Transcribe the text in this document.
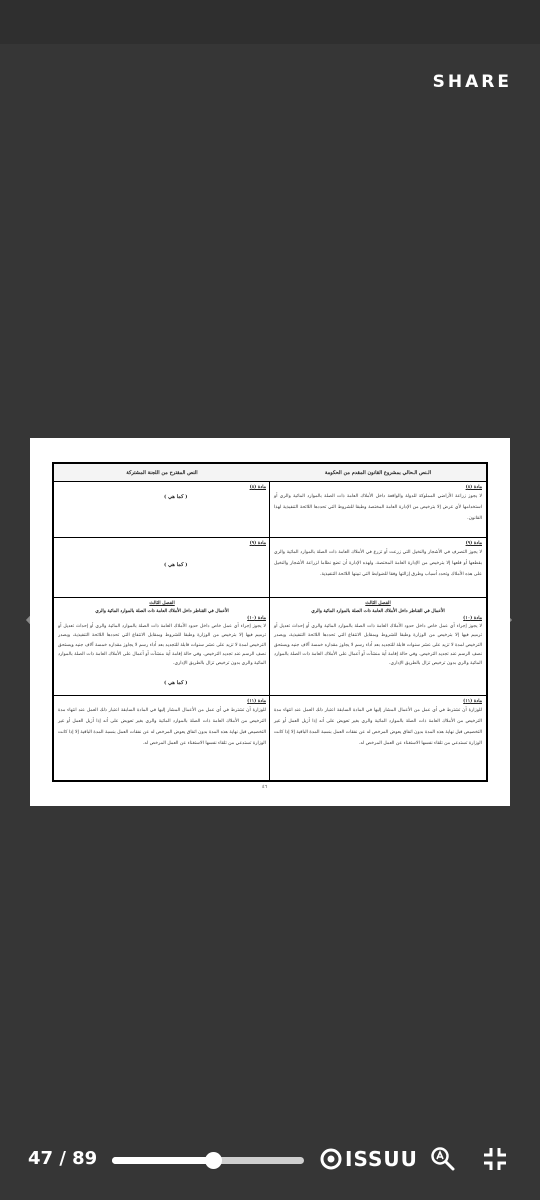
SHARE
الـنص الـحالي بمشروع القانون المقدم من الحكومة
مادة (٨)
لا يجوز زراعة الأراضي المملوكة للدولة والواقعة داخل الأملاك العامة ذات الصلة بالموارد المائية والري أو استخدامها لأي غرض إلا بترخيص من الإدارة العامة المختصة وطبقا للشروط التي تحددها اللائحة التنفيذية لهذا القانون.
مادة (٩)
لا يجوز التصرف في الأشجار والنخيل التي زرعت أو تزرع في الأملاك العامة ذات الصلة بالموارد المائية والري بقطعها أو قلعها إلا بترخيص من الإدارة العامة المختصة، ولهذه الإدارة أن تضع نظاما لزراعة الأشجار والنخيل على هذه الأملاك وتحدد أسباب وطرق إزالتها وفقا للضوابط التي تبينها اللائحة التنفيذية.
الفصل الثالث
الأعمال في القناطر داخل الأملاك العامة ذات الصلة بالموارد المائية والري
مادة (١٠)
لا يجوز إجراء أي عمل خاص داخل حدود الأملاك العامة ذات الصلة بالموارد المائية والري أو إحداث تعديل أو ترميم فيها إلا بترخيص من الوزارة وطبقا للشروط وبمقابل الانتفاع التي تحددها اللائحة التنفيذية، ويصدر الترخيص لمدة لا تزيد على عشر سنوات قابلة للتجديد بعد أداء رسم لا يجاوز مقداره خمسة آلاف جنيه ويستحق نصف الرسم عند تجديد الترخيص. وفي حالة إقامة أية منشآت أو أعمال على الأملاك العامة ذات الصلة بالموارد المائية والري بدون ترخيص تزال بالطريق الإداري.
مادة (١١)
للوزارة أن تشترط في أي عمل من الأعمال المشار إليها في المادة السابقة اعتبار ذلك العمل عند انتهاء مدة الترخيص من الأملاك العامة ذات الصلة بالموارد المائية والري بغير تعويض على أنه إذا أزيل العمل أو غير التخصيص قبل نهاية هذه المدة بدون اتفاق يعوض المرخص له عن نفقات العمل بنسبة المدة الباقية إلا إذا كانت الوزارة تستدعي من تلقاء نفسها الاستغناء عن العمل المرخص له.
النص المقترح من اللجنة المشتركة
مادة (٨)
( كما هي )
مادة (٩)
( كما هي )
الفصل الثالث
الأعمال في القناطر داخل الأملاك العامة ذات الصلة بالموارد المائية والري
مادة (١٠)
لا يجوز إجراء أي عمل خاص داخل حدود الأملاك العامة ذات الصلة بالموارد المائية والري أو إحداث تعديل أو ترميم فيها إلا بترخيص من الوزارة وطبقا للشروط وبمقابل الانتفاع التي تحددها اللائحة التنفيذية، ويصدر الترخيص لمدة لا تزيد على عشر سنوات قابلة للتجديد بعد أداء رسم لا يجاوز مقداره خمسة آلاف جنيه ويستحق نصف الرسم عند تجديد الترخيص. وفي حالة إقامة أية منشآت أو أعمال على الأملاك العامة ذات الصلة بالموارد المائية والري بدون ترخيص تزال بالطريق الإداري.
( كما هي )
مادة (١١)
للوزارة أن تشترط في أي عمل من الأعمال المشار إليها في المادة السابقة اعتبار ذلك العمل عند انتهاء مدة الترخيص من الأملاك العامة ذات الصلة بالموارد المائية والري بغير تعويض على أنه إذا أزيل العمل أو غير التخصيص قبل نهاية هذه المدة بدون اتفاق يعوض المرخص له عن نفقات العمل بنسبة المدة الباقية إلا إذا كانت الوزارة تستدعي من تلقاء نفسها الاستغناء عن العمل المرخص له.
٤٦
47 / 89	ISSUU
